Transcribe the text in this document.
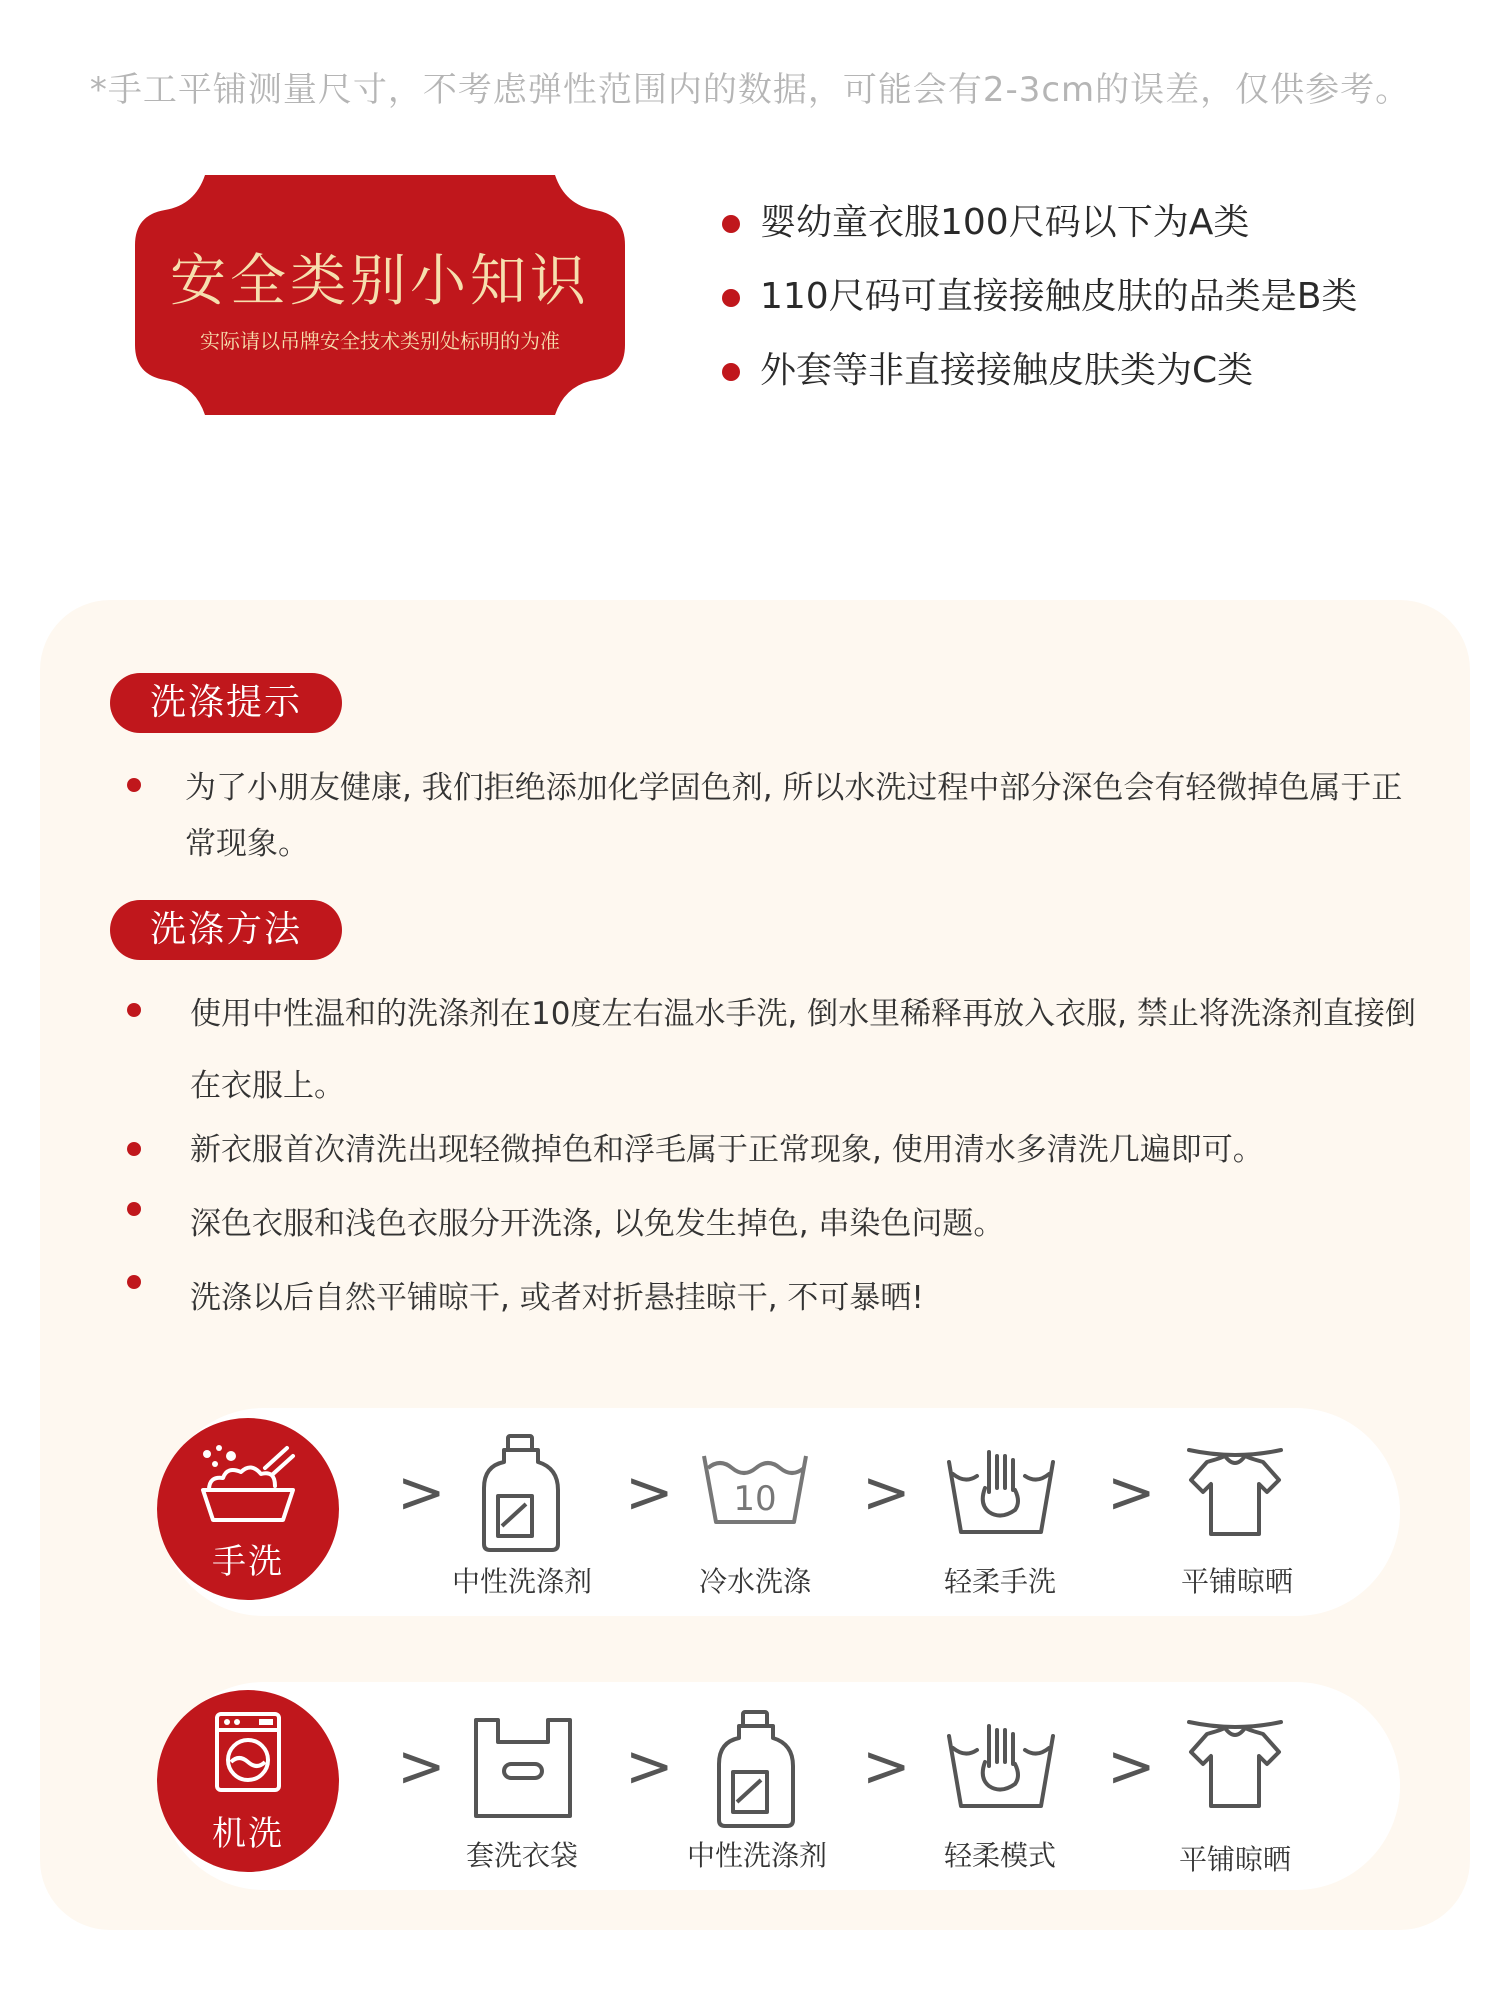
*手工平铺测量尺寸，不考虑弹性范围内的数据，可能会有2-3cm的误差，仅供参考。
安全类别小知识
实际请以吊牌安全技术类别处标明的为准
婴幼童衣服100尺码以下为A类
110尺码可直接接触皮肤的品类是B类
外套等非直接接触皮肤类为C类
洗涤提示
为了小朋友健康, 我们拒绝添加化学固色剂, 所以水洗过程中部分深色会有轻微掉色属于正常现象。
洗涤方法
使用中性温和的洗涤剂在10度左右温水手洗, 倒水里稀释再放入衣服, 禁止将洗涤剂直接倒在衣服上。
新衣服首次清洗出现轻微掉色和浮毛属于正常现象, 使用清水多清洗几遍即可。
深色衣服和浅色衣服分开洗涤, 以免发生掉色, 串染色问题。
洗涤以后自然平铺晾干, 或者对折悬挂晾干, 不可暴晒!
手洗
>	>	>	>
中性洗涤剂
10
冷水洗涤	轻柔手洗	平铺晾晒
机洗
>	>	>	>
套洗衣袋	中性洗涤剂	轻柔模式	平铺晾晒
